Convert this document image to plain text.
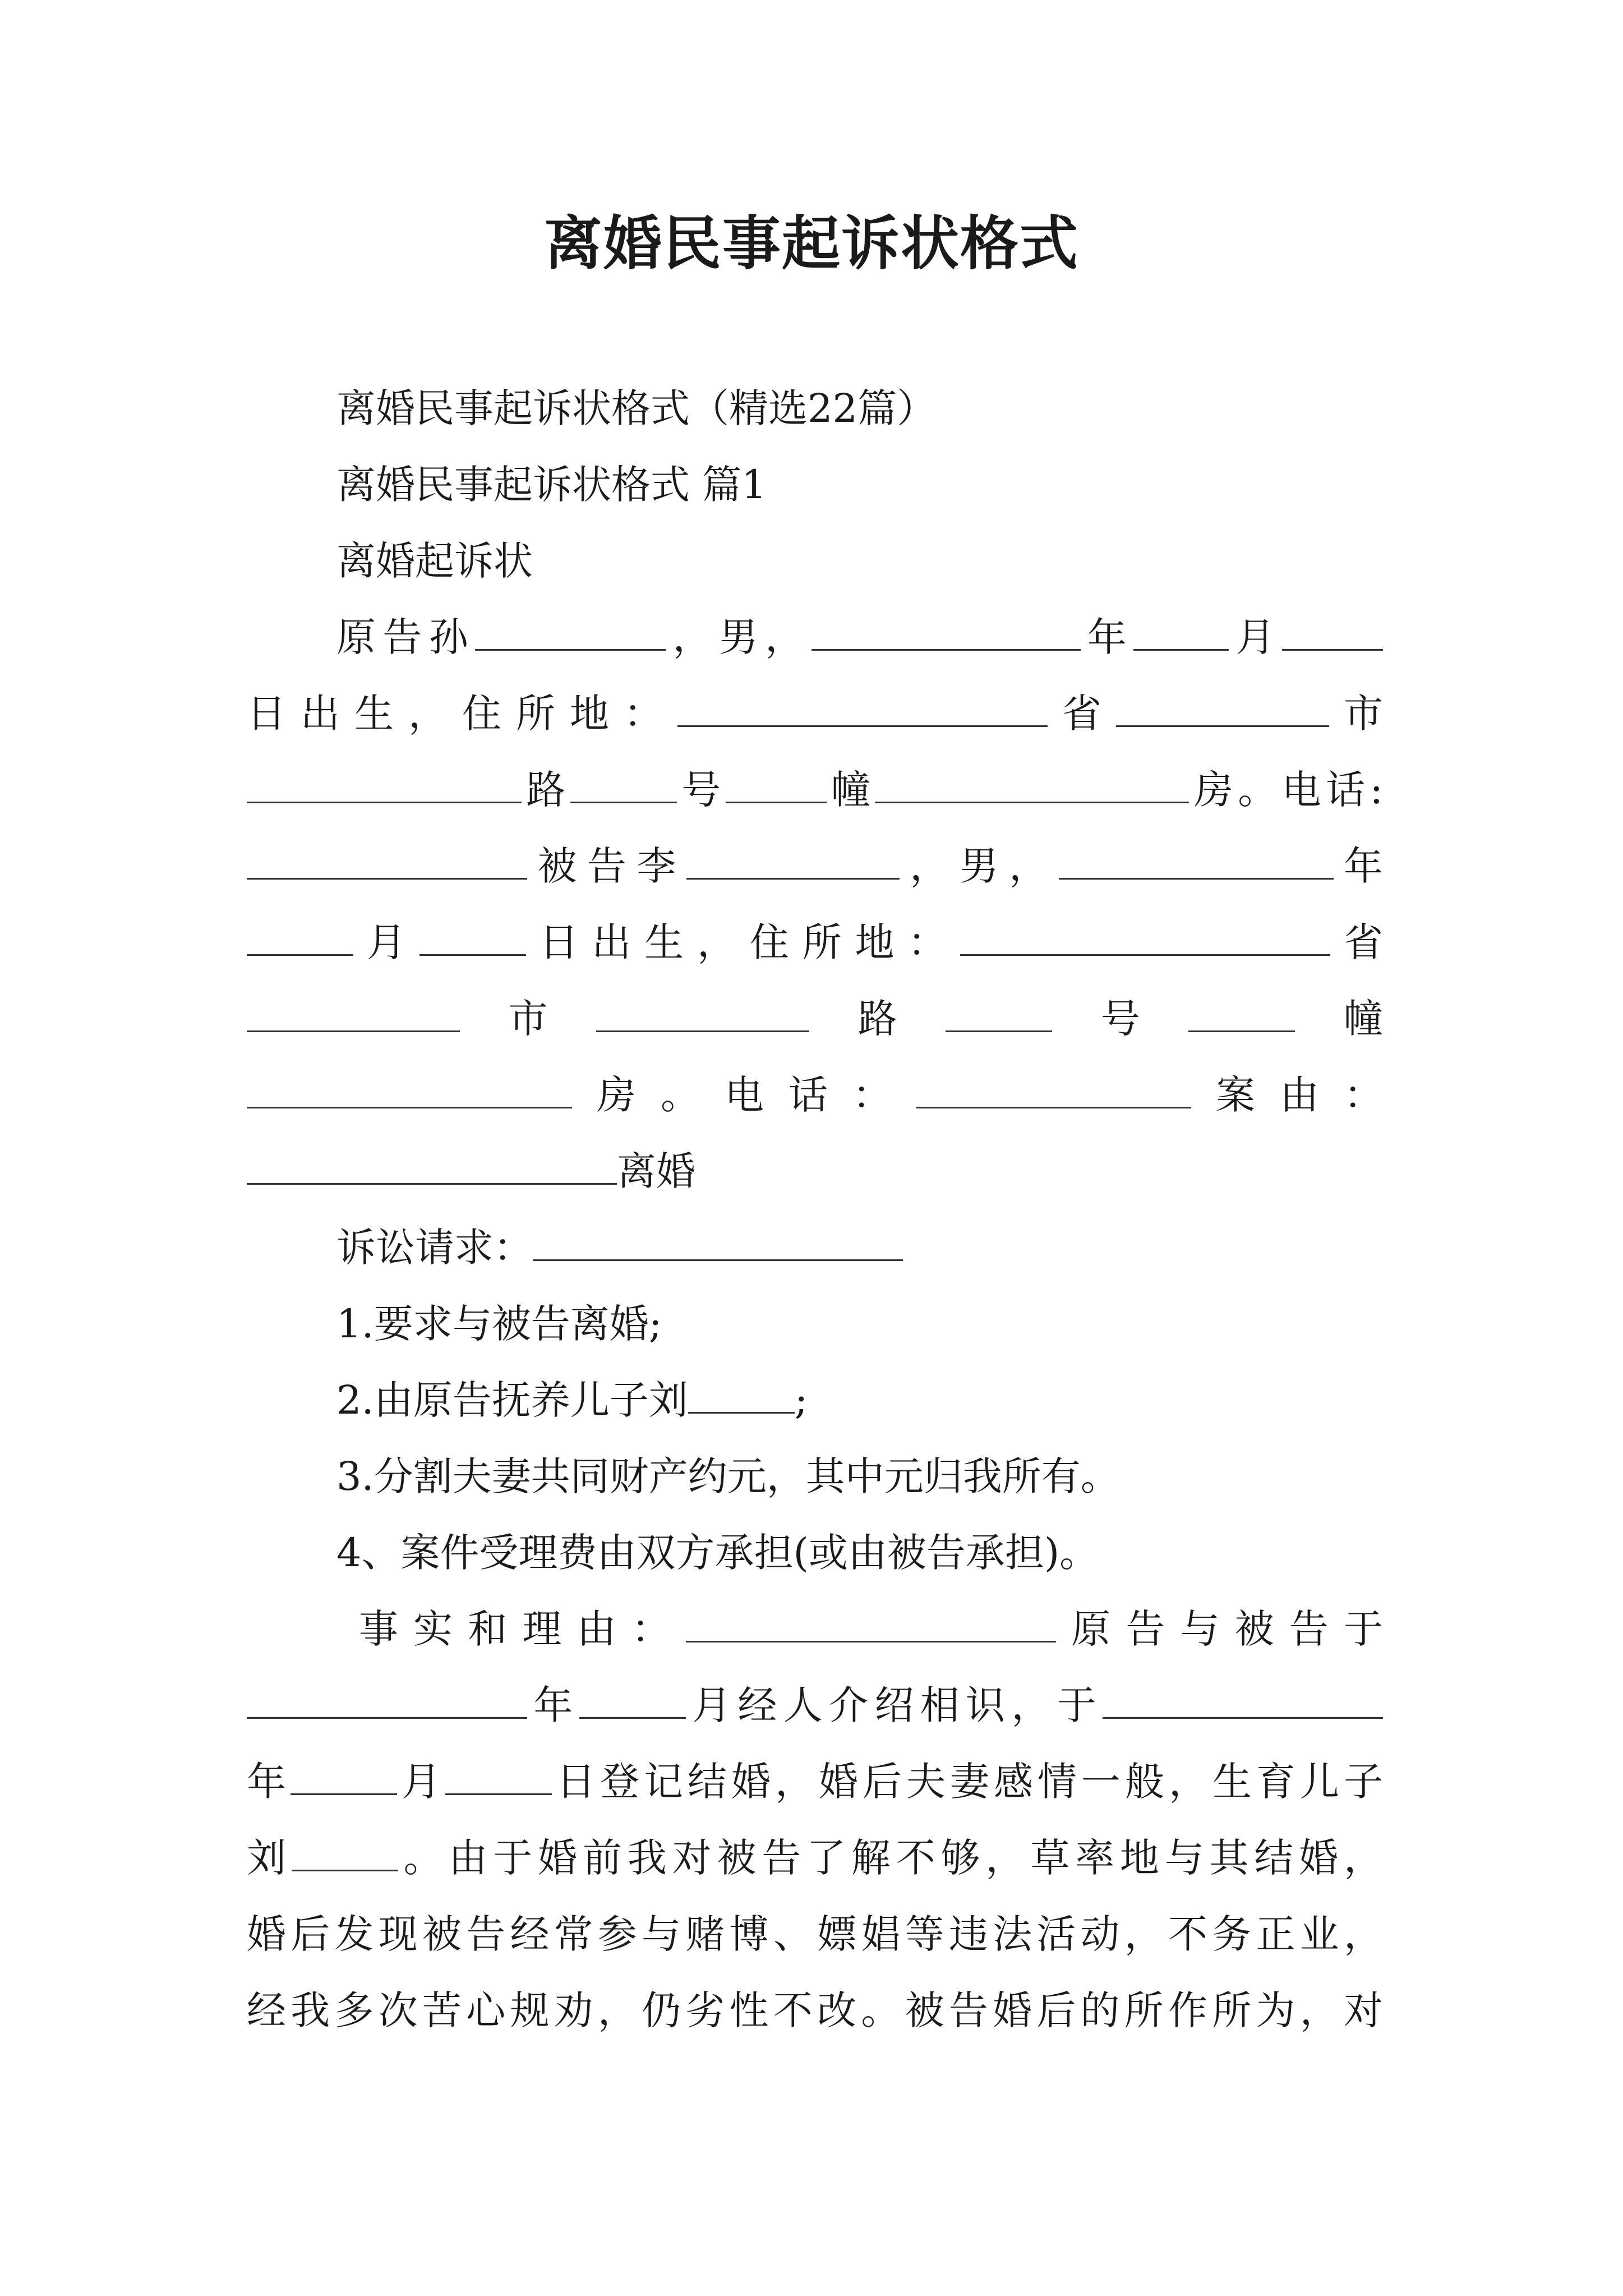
离婚民事起诉状格式
离婚民事起诉状格式（精选22篇）
离婚民事起诉状格式 篇1
离婚起诉状
原告孙	，男，	年 月
日出生，住所地：	省	市
路	号	幢	房。电话:
被告李	，男，	年
月	日出生，住所地：	省
市	路	号	幢
房。电话：	案由：
离婚
诉讼请求：
1.要求与被告离婚;
2.由原告抚养儿子刘	;
3.分割夫妻共同财产约元，其中元归我所有。
4、案件受理费由双方承担(或由被告承担)。
事实和理由：	原告与被告于
年	月经人介绍相识，于
年	月	日登记结婚，婚后夫妻感情一般，生育儿子
刘	。由于婚前我对被告了解不够，草率地与其结婚，
婚后发现被告经常参与赌博、嫖娼等违法活动，不务正业，
经我多次苦心规劝，仍劣性不改。被告婚后的所作所为，对
